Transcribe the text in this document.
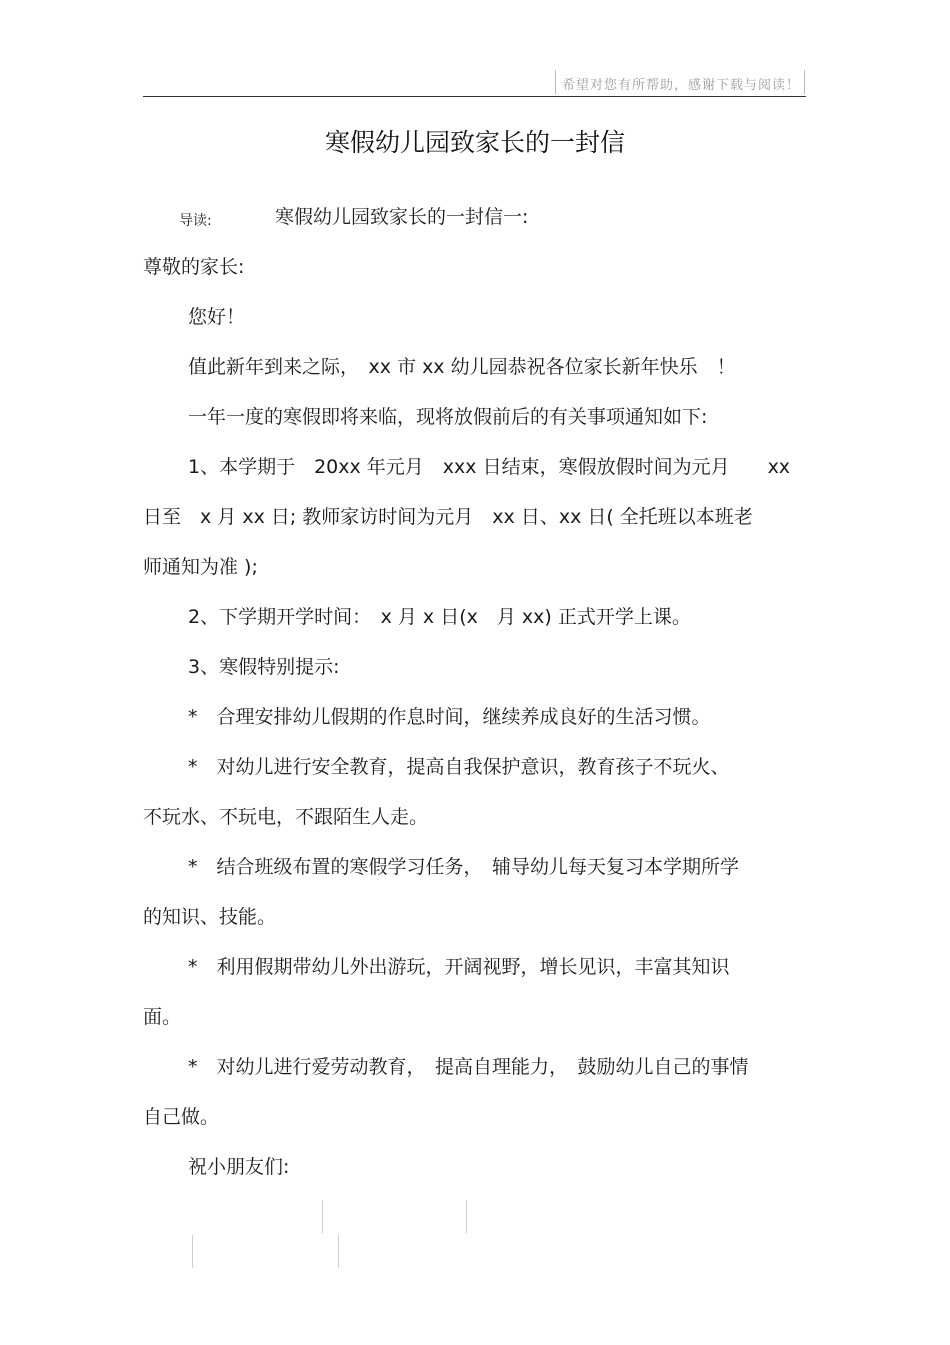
希望对您有所帮助，感谢下载与阅读！
寒假幼儿园致家长的一封信
导读:	寒假幼儿园致家长的一封信一:
尊敬的家长:
您好！
值此新年到来之际，　xx 市 xx 幼儿园恭祝各位家长新年快乐　！
一年一度的寒假即将来临，现将放假前后的有关事项通知如下:
1、本学期于　20xx 年元月　xxx 日结束，寒假放假时间为元月　　xx
日至　x 月 xx 日; 教师家访时间为元月　xx 日、xx 日( 全托班以本班老
师通知为准 );
2、下学期开学时间：　x 月 x 日(x　月 xx) 正式开学上课。
3、寒假特别提示:
*　合理安排幼儿假期的作息时间，继续养成良好的生活习惯。
*　对幼儿进行安全教育，提高自我保护意识，教育孩子不玩火、
不玩水、不玩电，不跟陌生人走。
*　结合班级布置的寒假学习任务，　辅导幼儿每天复习本学期所学
的知识、技能。
*　利用假期带幼儿外出游玩，开阔视野，增长见识，丰富其知识
面。
*　对幼儿进行爱劳动教育，　提高自理能力，　鼓励幼儿自己的事情
自己做。
祝小朋友们:
